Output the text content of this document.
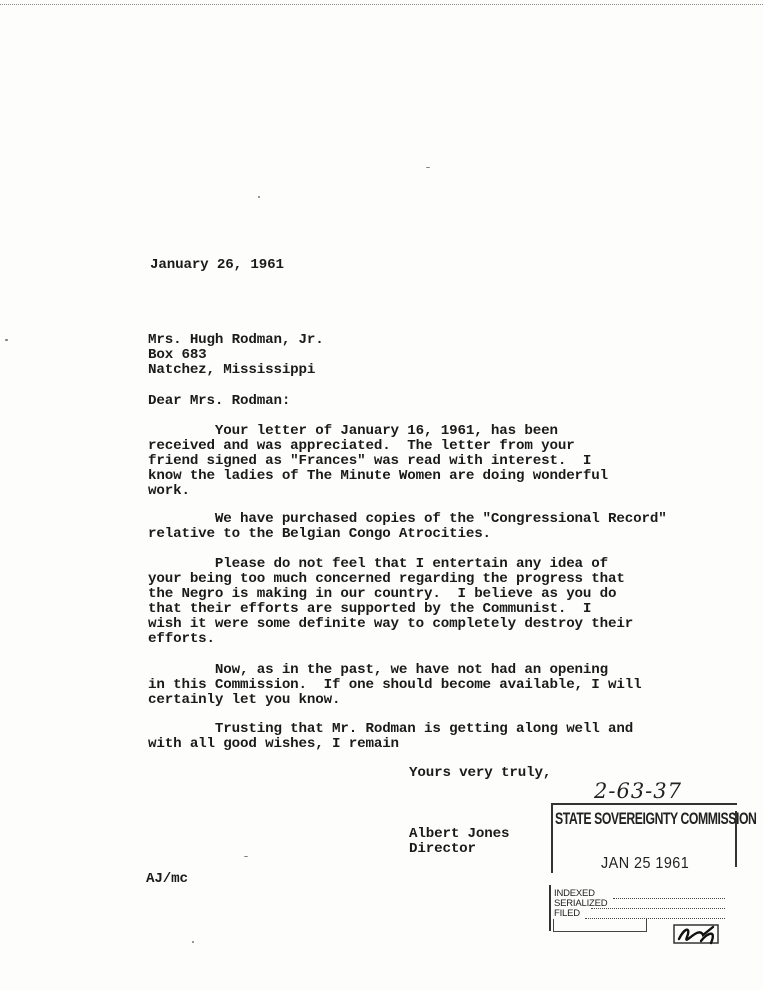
January 26, 1961
Mrs. Hugh Rodman, Jr.
Box 683
Natchez, Mississippi
Dear Mrs. Rodman:
Your letter of January 16, 1961, has been
received and was appreciated.  The letter from your
friend signed as "Frances" was read with interest.  I
know the ladies of The Minute Women are doing wonderful
work.
We have purchased copies of the "Congressional Record"
relative to the Belgian Congo Atrocities.
Please do not feel that I entertain any idea of
your being too much concerned regarding the progress that
the Negro is making in our country.  I believe as you do
that their efforts are supported by the Communist.  I
wish it were some definite way to completely destroy their
efforts.
Now, as in the past, we have not had an opening
in this Commission.  If one should become available, I will
certainly let you know.
Trusting that Mr. Rodman is getting along well and
with all good wishes, I remain
Yours very truly,
Albert Jones
Director
AJ/mc
2-63-37
STATE SOVEREIGNTY COMMISSION
JAN 25 1961
INDEXED
SERIALIZED
FILED
